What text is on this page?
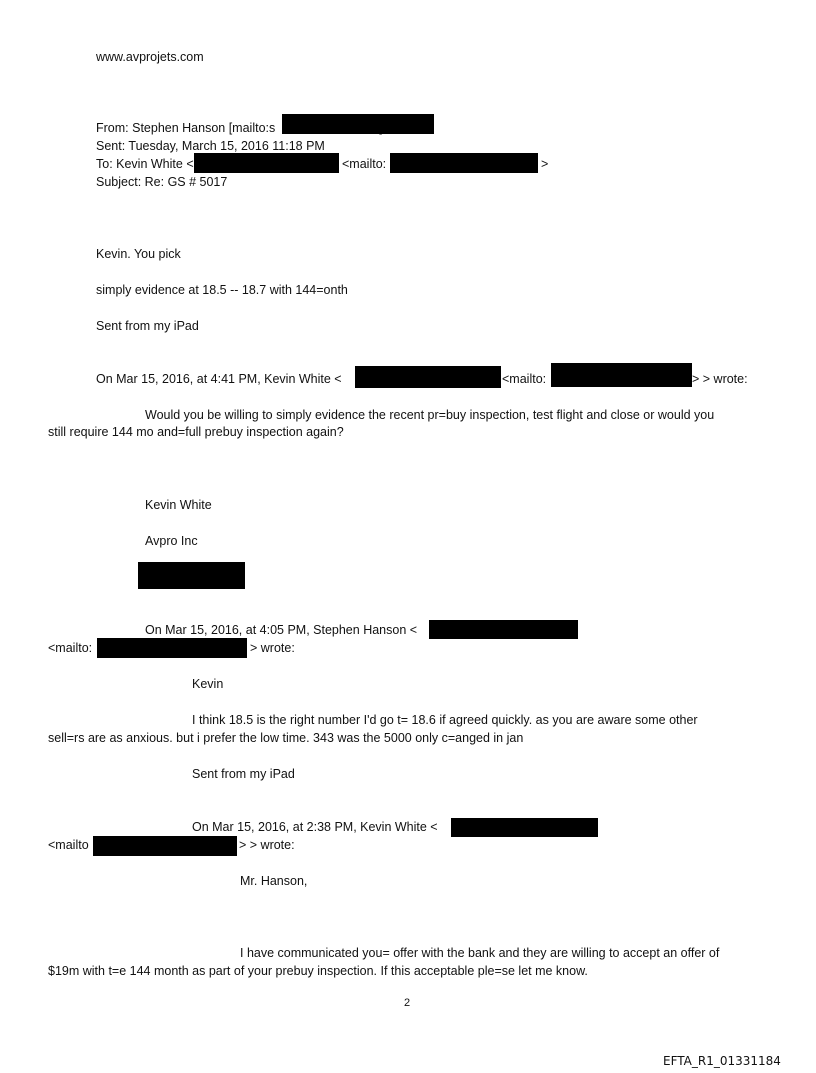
www.avprojets.com
From: Stephen Hanson [mailto:s
Sent: Tuesday, March 15, 2016 11:18 PM
To: Kevin White <	<mailto:	>
Subject: Re: GS # 5017
Kevin. You pick
simply evidence at 18.5 -- 18.7 with 144=onth
Sent from my iPad
On Mar 15, 2016, at 4:41 PM, Kevin White <	<mailto:	> > wrote:
Would you be willing to simply evidence the recent pr=buy inspection, test flight and close or would you
still require 144 mo and=full prebuy inspection again?
Kevin White
Avpro Inc
On Mar 15, 2016, at 4:05 PM, Stephen Hanson <
<mailto:	> wrote:
Kevin
I think 18.5 is the right number I'd go t= 18.6 if agreed quickly. as you are aware some other
sell=rs are as anxious. but i prefer the low time. 343 was the 5000 only c=anged in jan
Sent from my iPad
On Mar 15, 2016, at 2:38 PM, Kevin White <
<mailto	> > wrote:
Mr. Hanson,
I have communicated you= offer with the bank and they are willing to accept an offer of
$19m with t=e 144 month as part of your prebuy inspection. If this acceptable ple=se let me know.
2
EFTA_R1_01331184
